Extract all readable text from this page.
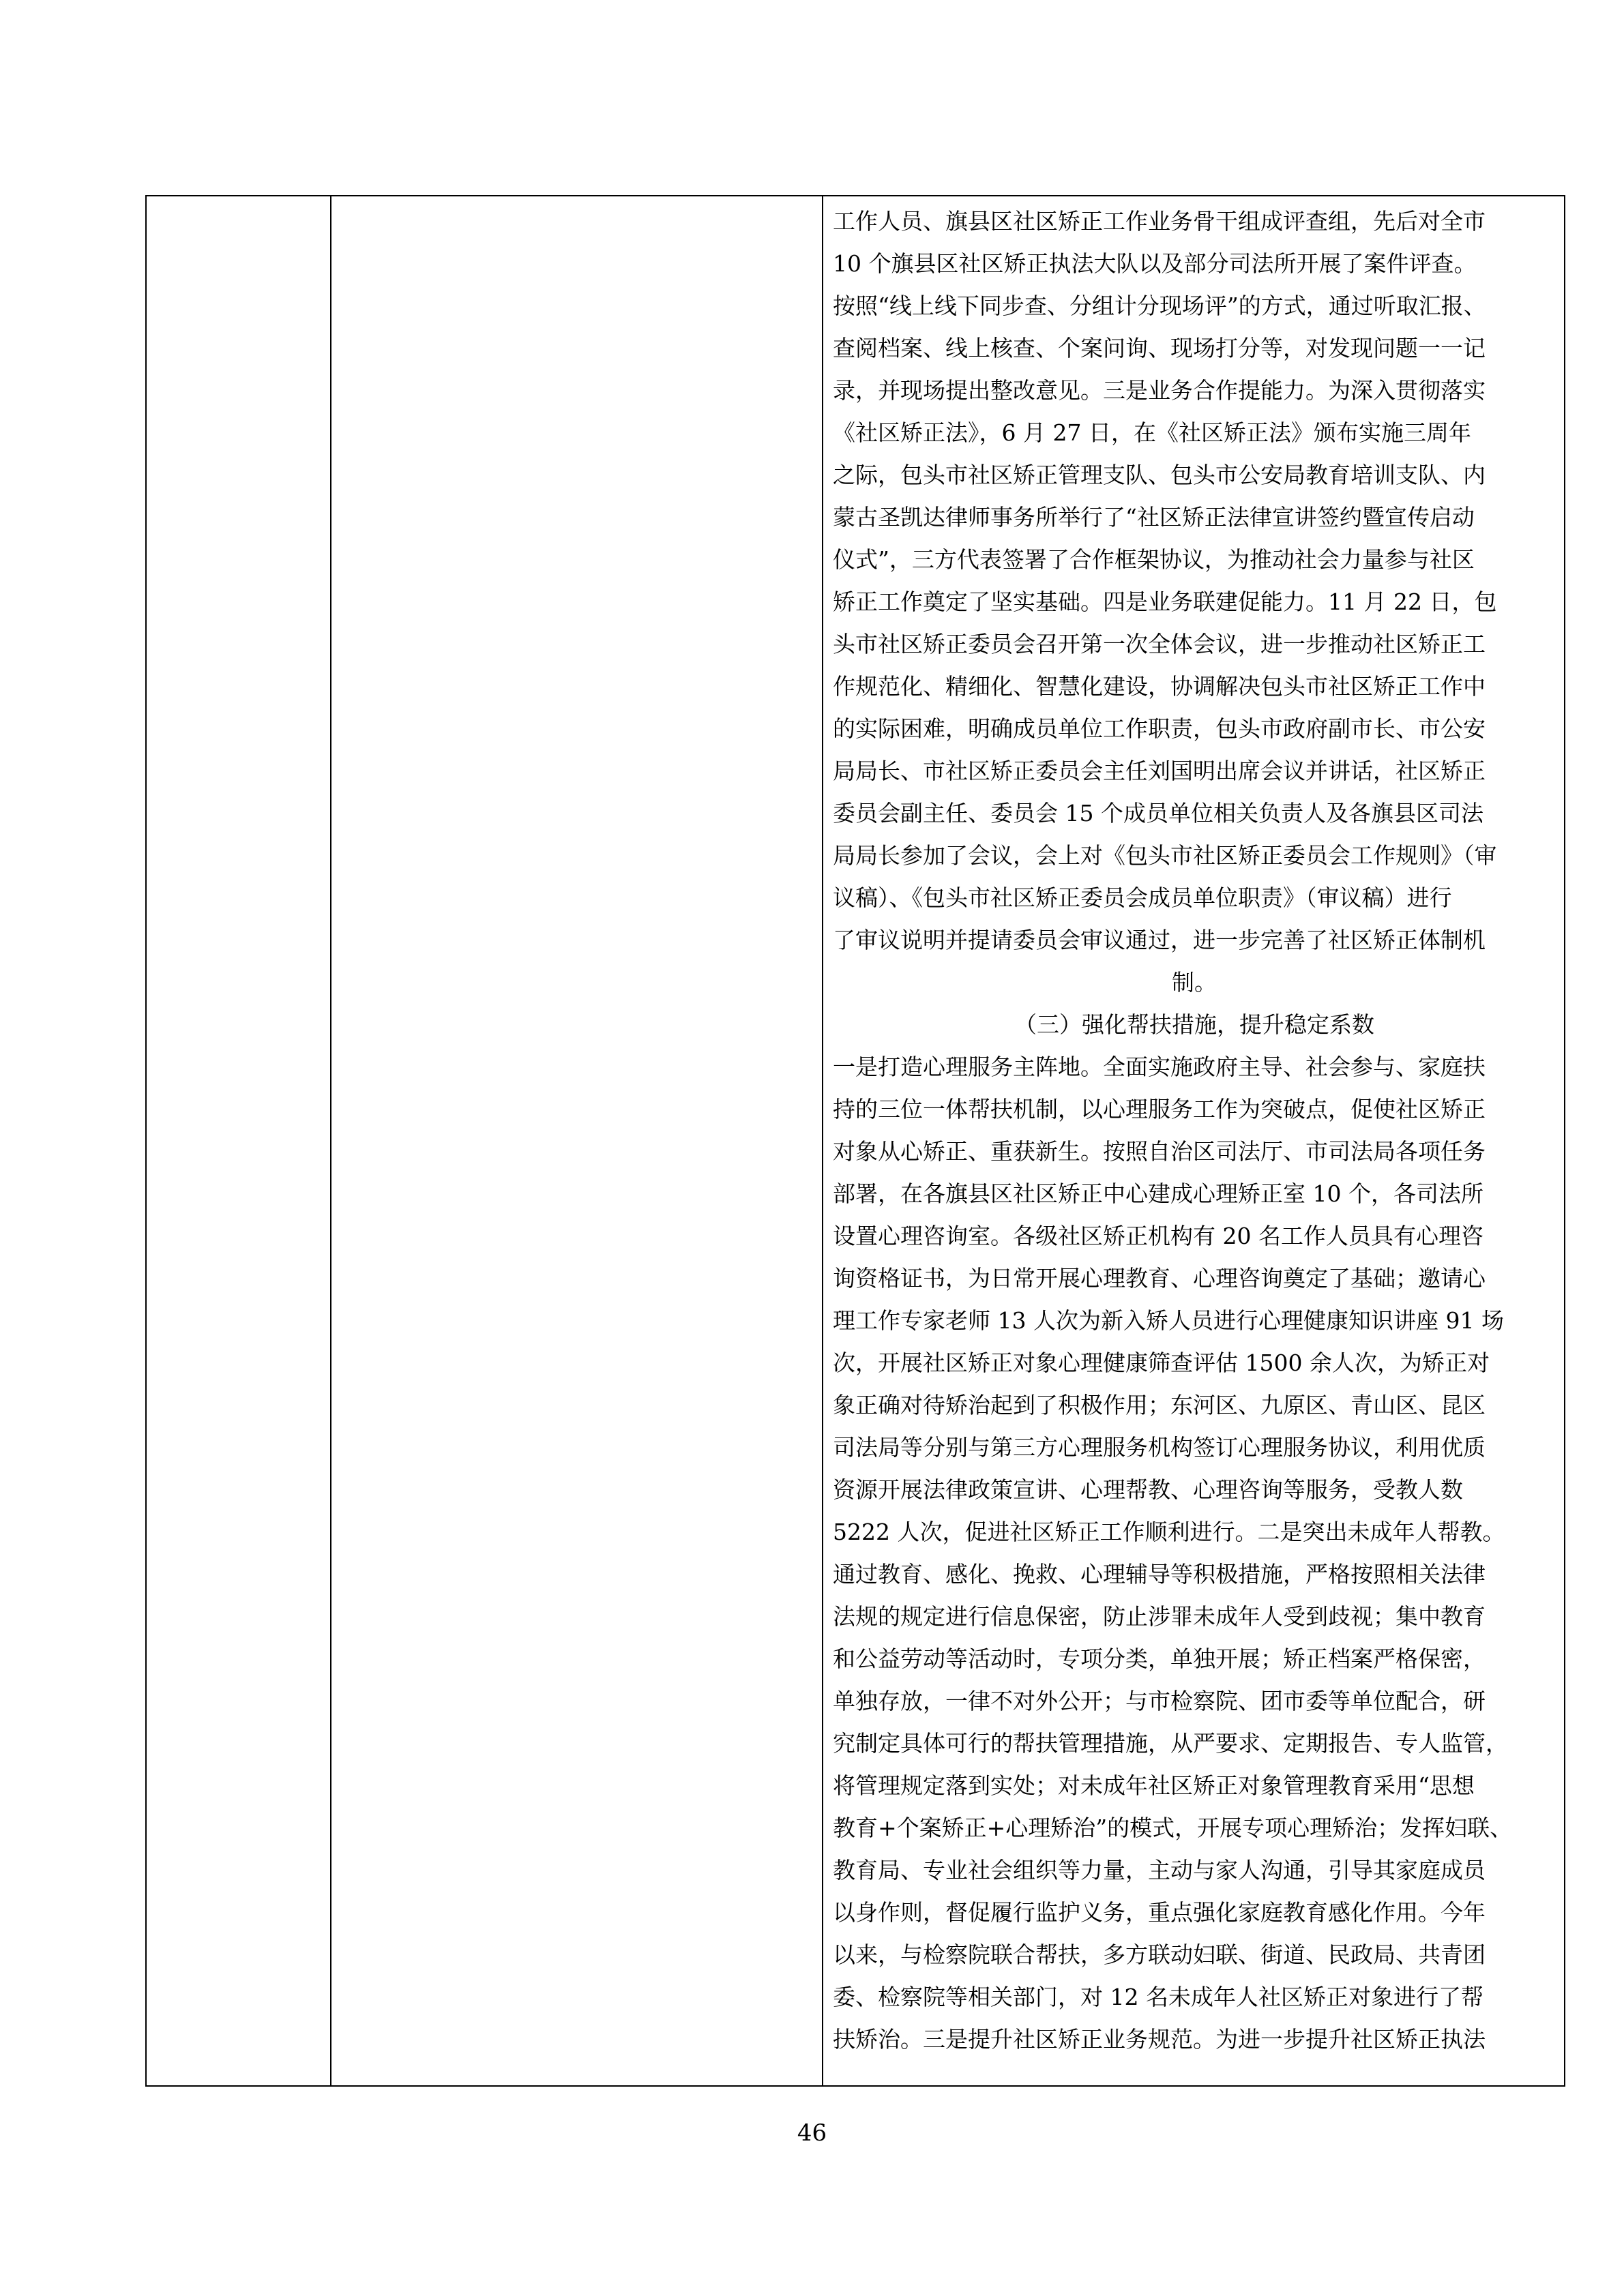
工作人员、旗县区社区矫正工作业务骨干组成评查组，先后对全市
10 个旗县区社区矫正执法大队以及部分司法所开展了案件评查。
按照“线上线下同步查、分组计分现场评”的方式，通过听取汇报、
查阅档案、线上核查、个案问询、现场打分等，对发现问题一一记
录，并现场提出整改意见。三是业务合作提能力。为深入贯彻落实
《社区矫正法》，6 月 27 日，在《社区矫正法》颁布实施三周年
之际，包头市社区矫正管理支队、包头市公安局教育培训支队、内
蒙古圣凯达律师事务所举行了“社区矫正法律宣讲签约暨宣传启动
仪式”，三方代表签署了合作框架协议，为推动社会力量参与社区
矫正工作奠定了坚实基础。四是业务联建促能力。11 月 22 日，包
头市社区矫正委员会召开第一次全体会议，进一步推动社区矫正工
作规范化、精细化、智慧化建设，协调解决包头市社区矫正工作中
的实际困难，明确成员单位工作职责，包头市政府副市长、市公安
局局长、市社区矫正委员会主任刘国明出席会议并讲话，社区矫正
委员会副主任、委员会 15 个成员单位相关负责人及各旗县区司法
局局长参加了会议，会上对《包头市社区矫正委员会工作规则》（审
议稿）、《包头市社区矫正委员会成员单位职责》（审议稿）进行
了审议说明并提请委员会审议通过，进一步完善了社区矫正体制机
制。
（三）强化帮扶措施，提升稳定系数
一是打造心理服务主阵地。全面实施政府主导、社会参与、家庭扶
持的三位一体帮扶机制，以心理服务工作为突破点，促使社区矫正
对象从心矫正、重获新生。按照自治区司法厅、市司法局各项任务
部署，在各旗县区社区矫正中心建成心理矫正室 10 个，各司法所
设置心理咨询室。各级社区矫正机构有 20 名工作人员具有心理咨
询资格证书，为日常开展心理教育、心理咨询奠定了基础；邀请心
理工作专家老师 13 人次为新入矫人员进行心理健康知识讲座 91 场
次，开展社区矫正对象心理健康筛查评估 1500 余人次，为矫正对
象正确对待矫治起到了积极作用；东河区、九原区、青山区、昆区
司法局等分别与第三方心理服务机构签订心理服务协议，利用优质
资源开展法律政策宣讲、心理帮教、心理咨询等服务，受教人数
5222 人次，促进社区矫正工作顺利进行。二是突出未成年人帮教。
通过教育、感化、挽救、心理辅导等积极措施，严格按照相关法律
法规的规定进行信息保密，防止涉罪未成年人受到歧视；集中教育
和公益劳动等活动时，专项分类，单独开展；矫正档案严格保密，
单独存放，一律不对外公开；与市检察院、团市委等单位配合，研
究制定具体可行的帮扶管理措施，从严要求、定期报告、专人监管，
将管理规定落到实处；对未成年社区矫正对象管理教育采用“思想
教育+个案矫正+心理矫治”的模式，开展专项心理矫治；发挥妇联、
教育局、专业社会组织等力量，主动与家人沟通，引导其家庭成员
以身作则，督促履行监护义务，重点强化家庭教育感化作用。今年
以来，与检察院联合帮扶，多方联动妇联、街道、民政局、共青团
委、检察院等相关部门，对 12 名未成年人社区矫正对象进行了帮
扶矫治。三是提升社区矫正业务规范。为进一步提升社区矫正执法
46
